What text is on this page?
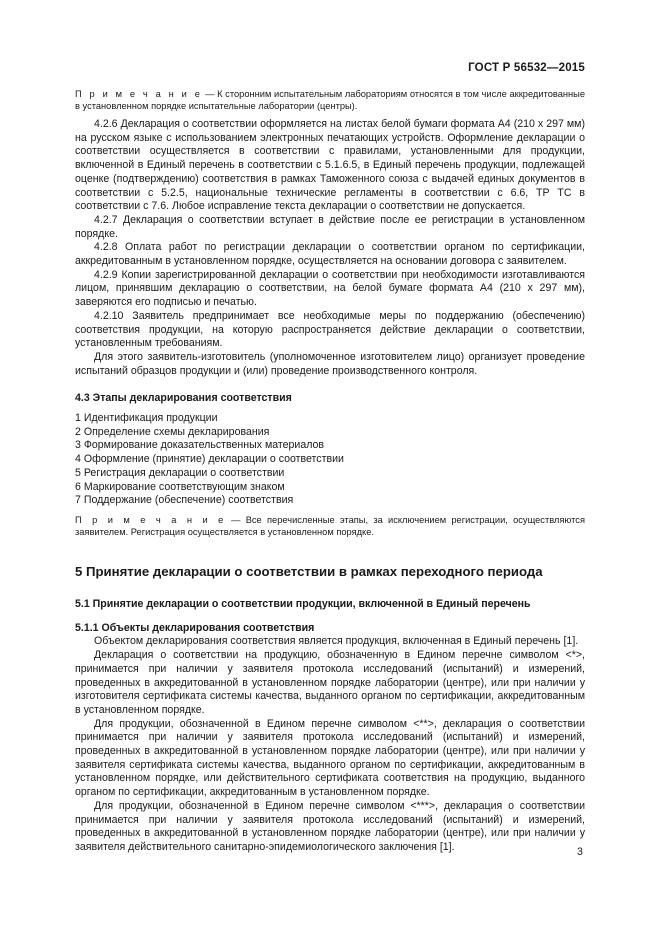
ГОСТ Р 56532—2015

П р и м е ч а н и е — К сторонним испытательным лабораториям относятся в том числе аккредитованные в установленном порядке испытательные лаборатории (центры).

4.2.6 Декларация о соответствии оформляется на листах белой бумаги формата А4 (210 x 297 мм) на русском языке с использованием электронных печатающих устройств. Оформление декларации о соответствии осуществляется в соответствии с правилами, установленными для продукции, включенной в Единый перечень в соответствии с 5.1.6.5, в Единый перечень продукции, подлежащей оценке (подтверждению) соответствия в рамках Таможенного союза с выдачей единых документов в соответствии с 5.2.5, национальные технические регламенты в соответствии с 6.6, ТР ТС в соответствии с 7.6. Любое исправление текста декларации о соответствии не допускается.

4.2.7 Декларация о соответствии вступает в действие после ее регистрации в установленном порядке.

4.2.8 Оплата работ по регистрации декларации о соответствии органом по сертификации, аккредитованным в установленном порядке, осуществляется на основании договора с заявителем.

4.2.9 Копии зарегистрированной декларации о соответствии при необходимости изготавливаются лицом, принявшим декларацию о соответствии, на белой бумаге формата А4 (210 x 297 мм), заверяются его подписью и печатью.

4.2.10 Заявитель предпринимает все необходимые меры по поддержанию (обеспечению) соответствия продукции, на которую распространяется действие декларации о соответствии, установленным требованиям.

Для этого заявитель-изготовитель (уполномоченное изготовителем лицо) организует проведение испытаний образцов продукции и (или) проведение производственного контроля.

4.3 Этапы декларирования соответствия

1 Идентификация продукции
2 Определение схемы декларирования
3 Формирование доказательственных материалов
4 Оформление (принятие) декларации о соответствии
5 Регистрация декларации о соответствии
6 Маркирование соответствующим знаком
7 Поддержание (обеспечение) соответствия

П р и м е ч а н и е — Все перечисленные этапы, за исключением регистрации, осуществляются заявителем. Регистрация осуществляется в установленном порядке.

5 Принятие декларации о соответствии в рамках переходного периода

5.1 Принятие декларации о соответствии продукции, включенной в Единый перечень

5.1.1 Объекты декларирования соответствия

Объектом декларирования соответствия является продукция, включенная в Единый перечень [1].

Декларация о соответствии на продукцию, обозначенную в Едином перечне символом <*>, принимается при наличии у заявителя протокола исследований (испытаний) и измерений, проведенных в аккредитованной в установленном порядке лаборатории (центре), или при наличии у изготовителя сертификата системы качества, выданного органом по сертификации, аккредитованным в установленном порядке.

Для продукции, обозначенной в Едином перечне символом <**>, декларация о соответствии принимается при наличии у заявителя протокола исследований (испытаний) и измерений, проведенных в аккредитованной в установленном порядке лаборатории (центре), или при наличии у заявителя сертификата системы качества, выданного органом по сертификации, аккредитованным в установленном порядке, или действительного сертификата соответствия на продукцию, выданного органом по сертификации, аккредитованным в установленном порядке.

Для продукции, обозначенной в Едином перечне символом <***>, декларация о соответствии принимается при наличии у заявителя протокола исследований (испытаний) и измерений, проведенных в аккредитованной в установленном порядке лаборатории (центре), или при наличии у заявителя действительного санитарно-эпидемиологического заключения [1].	3
